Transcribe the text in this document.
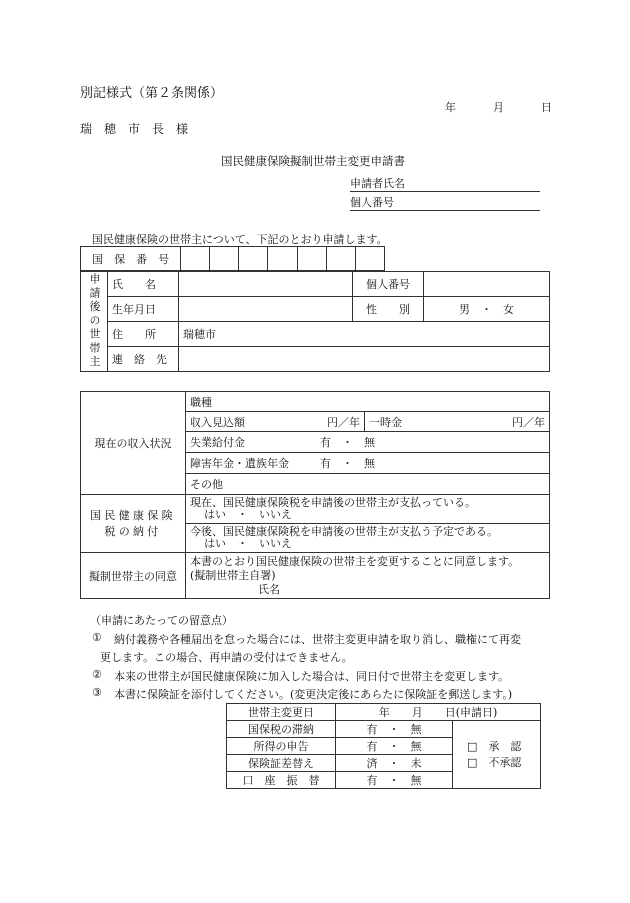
別記様式（第２条関係）
年	月	日
瑞　穂　市　長　様
国民健康保険擬制世帯主変更申請書
申請者氏名
個人番号
国民健康保険の世帯主について、下記のとおり申請します。
国　保　番　号							
申請後の世帯主	氏　　名		個人番号	
	生年月日		性　　別	男　・　女
	住　　所	瑞穂市		
	連　絡　先			
現在の収入状況	職種	
	収入見込額 円／年	一時金 円／年

	失業給付金 有　・　無	
	障害年金・遺族年金 有　・　無	
	その他	
国民健康保険税の納付	現在、国民健康保険税を申請後の世帯主が支払っている。
はい　・　いいえ	

	今後、国民健康保険税を申請後の世帯主が支払う予定である。
はい　・　いいえ	

擬制世帯主の同意	本書のとおり国民健康保険の世帯主を変更することに同意します。
(擬制世帯主自署)
氏名	
（申請にあたっての留意点）
① 納付義務や各種届出を怠った場合には、世帯主変更申請を取り消し、職権にて再変
更します。この場合、再申請の受付はできません。
② 本来の世帯主が国民健康保険に加入した場合は、同日付で世帯主を変更します。
③ 本書に保険証を添付してください。(変更決定後にあらたに保険証を郵送します。)
世帯主変更日	年　　月　　日(申請日)	
国保税の滞納	有　・　無	□　承　認
□　不承認

所得の申告	有　・　無	
保険証差替え	済　・　未	
口　座　振　替	有　・　無	
